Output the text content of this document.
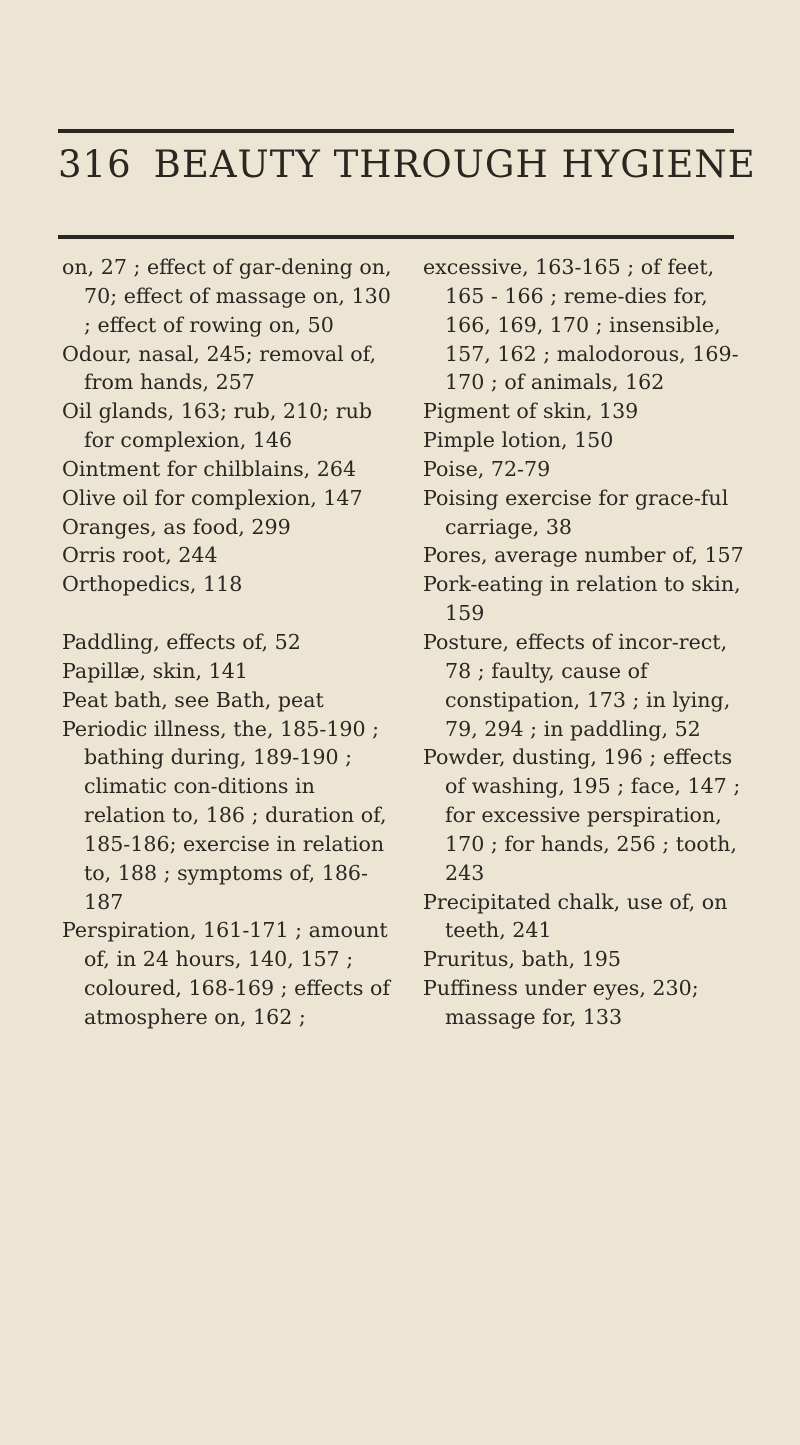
316 BEAUTY THROUGH HYGIENE
on, 27 ; effect of gar-dening on, 70; effect of massage on, 130 ; effect of rowing on, 50
Odour, nasal, 245; removal of, from hands, 257
Oil glands, 163; rub, 210; rub for complexion, 146
Ointment for chilblains, 264
Olive oil for complexion, 147
Oranges, as food, 299
Orris root, 244
Orthopedics, 118
Paddling, effects of, 52
Papillæ, skin, 141
Peat bath, see Bath, peat
Periodic illness, the, 185-190 ; bathing during, 189-190 ; climatic con-ditions in relation to, 186 ; duration of, 185-186; exercise in relation to, 188 ; symptoms of, 186-187
Perspiration, 161-171 ; amount of, in 24 hours, 140, 157 ; coloured, 168-169 ; effects of atmosphere on, 162 ;
excessive, 163-165 ; of feet, 165 - 166 ; reme-dies for, 166, 169, 170 ; insensible, 157, 162 ; malodorous, 169-170 ; of animals, 162
Pigment of skin, 139
Pimple lotion, 150
Poise, 72-79
Poising exercise for grace-ful carriage, 38
Pores, average number of, 157
Pork-eating in relation to skin, 159
Posture, effects of incor-rect, 78 ; faulty, cause of constipation, 173 ; in lying, 79, 294 ; in paddling, 52
Powder, dusting, 196 ; effects of washing, 195 ; face, 147 ; for excessive perspiration, 170 ; for hands, 256 ; tooth, 243
Precipitated chalk, use of, on teeth, 241
Pruritus, bath, 195
Puffiness under eyes, 230; massage for, 133
